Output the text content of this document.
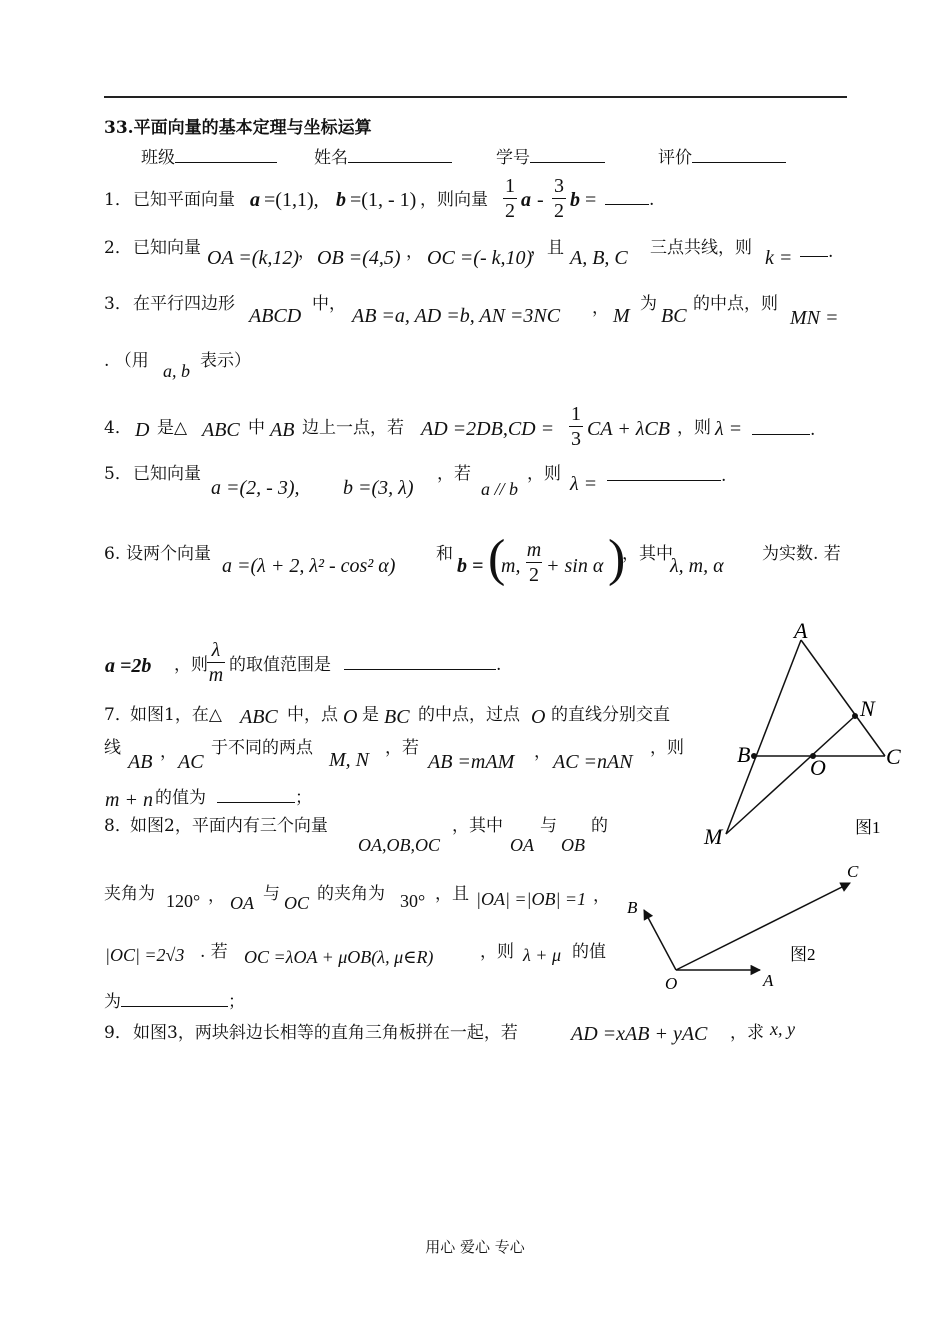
33.平面向量的基本定理与坐标运算
班级	姓名	学号	评价
1． 已知平面向量 a =(1,1), b =(1, - 1) ，则向量
1
2 a -
3
2 b =	.
2． 已知向量 OA =(k,12) ， OB =(4,5) ， OC =(- k,10)
，且 A, B, C 三点共线，则 k =	.
3． 在平行四边形
ABCD
中，
AB =a, AD =b, AN =3NC ， M
为
BC
的中点，则
MN =
. （用 a, b 表示）
4． D 是△ ABC 中 AB 边上一点，若 AD =2DB,CD =
1
3 CA + λCB ，则 λ =	.
5． 已知向量
a =(2, - 3), b =(3, λ)
，若
a // b
，则 λ =	.
6. 设两个向量
a =(λ + 2, λ² - cos² α)
和
b = (
m,
m
2 + sin α )
，其中
λ, m, α
为实数. 若
a =2b ，则
λ
m 的取值范围是	.
7．
如图1，在△ ABC 中，点 O 是 BC 的中点，过点 O 的直线分别交直
线
AB ， AC
于不同的两点
M, N
，若
AB =mAM ， AC =nAN
，则
m + n 的值为	；
8．
如图2，平面内有三个向量
OA,OB,OC
，其中
OA
与
OB
的
夹角为 120° ， OA 与 OC 的夹角为 30° ，且 |OA| =|OB| =1 ，
|OC| =2√3 . 若 OC =λOA + μOB(λ, μ∈R)	，则 λ + μ 的值
为	；
9． 如图3，两块斜边长相等的直角三角板拼在一起，若	AD =xAB + yAC ，求 x, y
A
N
B
O	C
M	图1
C
B
O	A
图2
用心 爱心 专心
